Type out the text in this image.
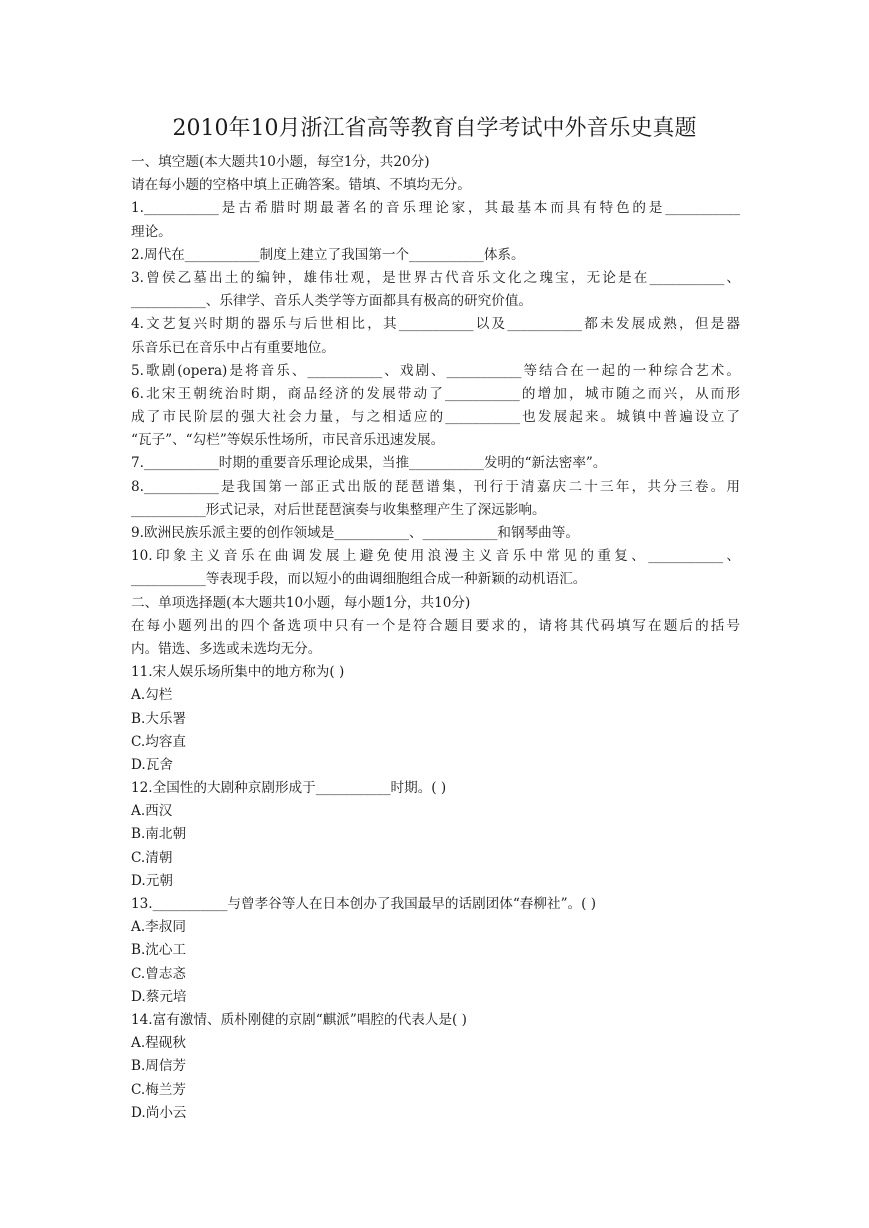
2010年10月浙江省高等教育自学考试中外音乐史真题
一、填空题(本大题共10小题，每空1分，共20分)
请在每小题的空格中填上正确答案。错填、不填均无分。
1.___________是古希腊时期最著名的音乐理论家，其最基本而具有特色的是___________
理论。
2.周代在___________制度上建立了我国第一个___________体系。
3.曾侯乙墓出土的编钟，雄伟壮观，是世界古代音乐文化之瑰宝，无论是在___________、
___________、乐律学、音乐人类学等方面都具有极高的研究价值。
4.文艺复兴时期的器乐与后世相比，其___________以及___________都未发展成熟，但是器
乐音乐已在音乐中占有重要地位。
5.歌剧(opera)是将音乐、___________、戏剧、___________等结合在一起的一种综合艺术。
6.北宋王朝统治时期，商品经济的发展带动了___________的增加，城市随之而兴，从而形
成了市民阶层的强大社会力量，与之相适应的___________也发展起来。城镇中普遍设立了
“瓦子”、“勾栏”等娱乐性场所，市民音乐迅速发展。
7.___________时期的重要音乐理论成果，当推___________发明的“新法密率”。
8.___________是我国第一部正式出版的琵琶谱集，刊行于清嘉庆二十三年，共分三卷。用
___________形式记录，对后世琵琶演奏与收集整理产生了深远影响。
9.欧洲民族乐派主要的创作领域是___________、___________和钢琴曲等。
10.印象主义音乐在曲调发展上避免使用浪漫主义音乐中常见的重复、___________、
___________等表现手段，而以短小的曲调细胞组合成一种新颖的动机语汇。
二、单项选择题(本大题共10小题，每小题1分，共10分)
在每小题列出的四个备选项中只有一个是符合题目要求的，请将其代码填写在题后的括号
内。错选、多选或未选均无分。
11.宋人娱乐场所集中的地方称为( )
A.勾栏
B.大乐署
C.均容直
D.瓦舍
12.全国性的大剧种京剧形成于___________时期。( )
A.西汉
B.南北朝
C.清朝
D.元朝
13.___________与曾孝谷等人在日本创办了我国最早的话剧团体“春柳社”。( )
A.李叔同
B.沈心工
C.曾志忞
D.蔡元培
14.富有激情、质朴刚健的京剧“麒派”唱腔的代表人是( )
A.程砚秋
B.周信芳
C.梅兰芳
D.尚小云
